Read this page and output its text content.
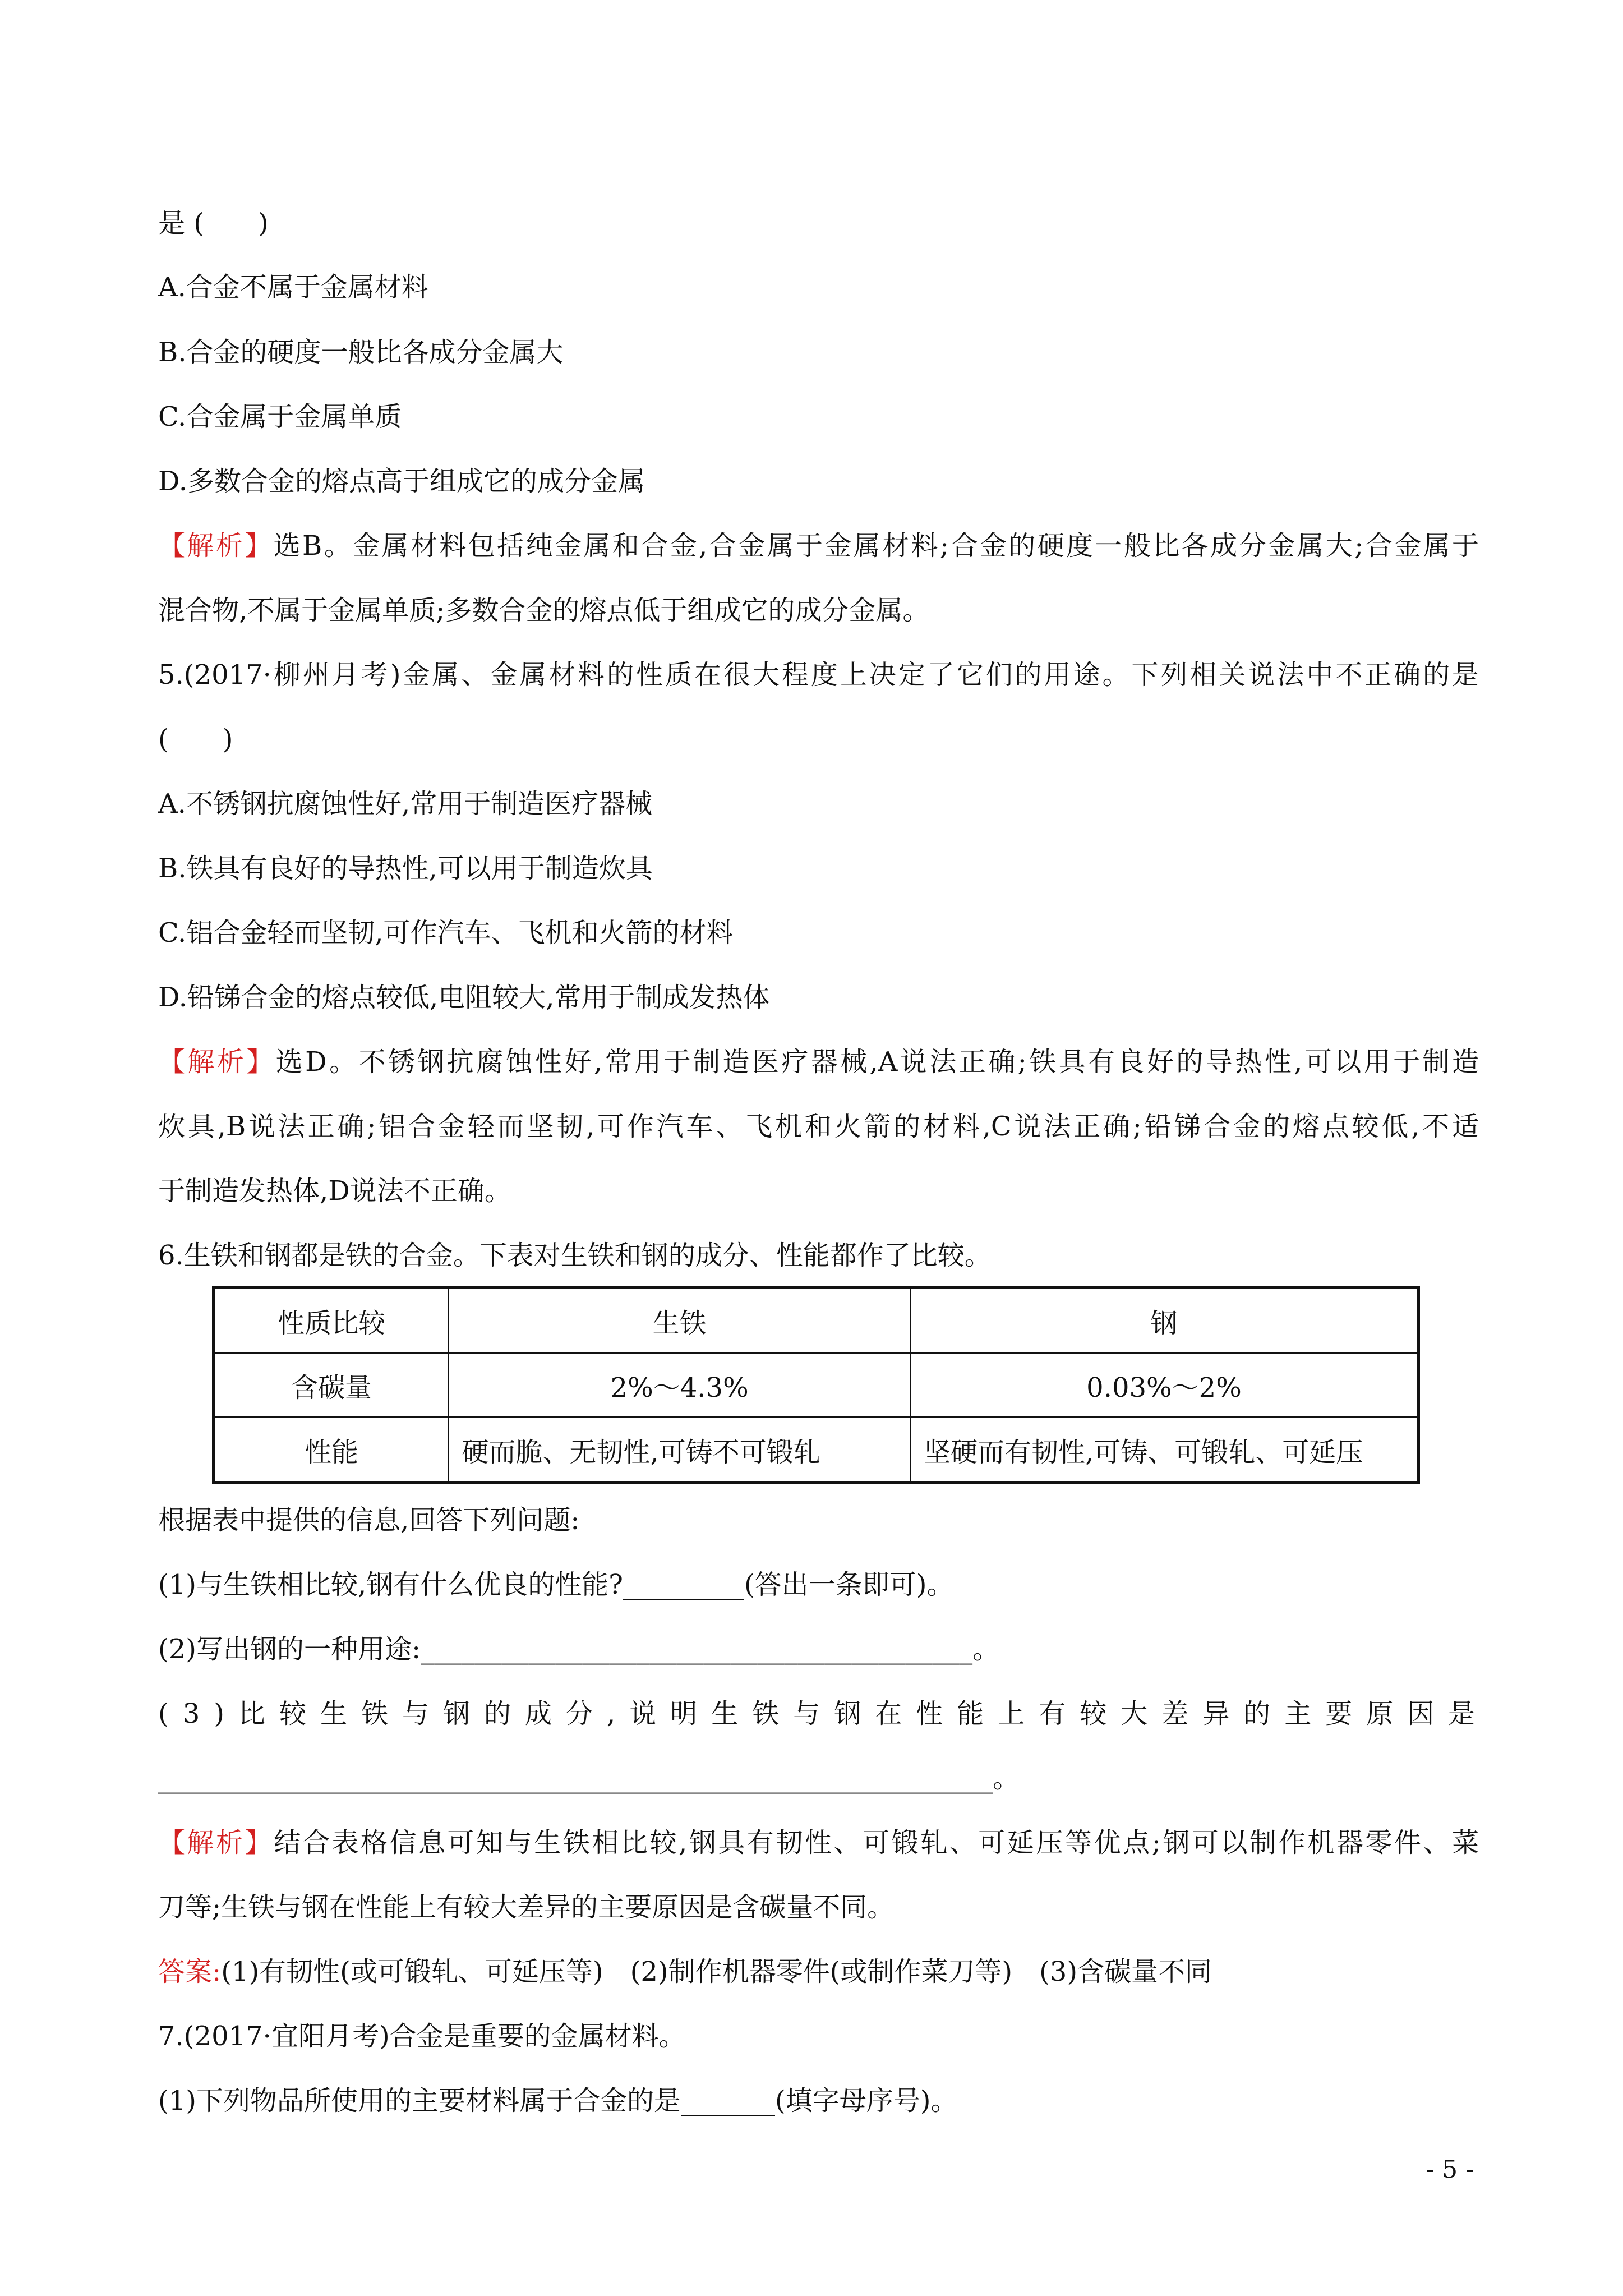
是 (　　)
A.合金不属于金属材料
B.合金的硬度一般比各成分金属大
C.合金属于金属单质
D.多数合金的熔点高于组成它的成分金属
【解析】选B。金属材料包括纯金属和合金,合金属于金属材料;合金的硬度一般比各成分金属大;合金属于
混合物,不属于金属单质;多数合金的熔点低于组成它的成分金属。
5.(2017·柳州月考)金属、金属材料的性质在很大程度上决定了它们的用途。下列相关说法中不正确的是
(　　)
A.不锈钢抗腐蚀性好,常用于制造医疗器械
B.铁具有良好的导热性,可以用于制造炊具
C.铝合金轻而坚韧,可作汽车、飞机和火箭的材料
D.铅锑合金的熔点较低,电阻较大,常用于制成发热体
【解析】选D。不锈钢抗腐蚀性好,常用于制造医疗器械,A说法正确;铁具有良好的导热性,可以用于制造
炊具,B说法正确;铝合金轻而坚韧,可作汽车、飞机和火箭的材料,C说法正确;铅锑合金的熔点较低,不适
于制造发热体,D说法不正确。
6.生铁和钢都是铁的合金。下表对生铁和钢的成分、性能都作了比较。
性质比较	生铁	钢
含碳量	2%～4.3%	0.03%～2%
性能	硬而脆、无韧性,可铸不可锻轧	坚硬而有韧性,可铸、可锻轧、可延压
根据表中提供的信息,回答下列问题:
(1)与生铁相比较,钢有什么优良的性能?_________(答出一条即可)。
(2)写出钢的一种用途:_________________________________________。
(3)比较生铁与钢的成分,说明生铁与钢在性能上有较大差异的主要原因是
______________________________________________________________。
【解析】结合表格信息可知与生铁相比较,钢具有韧性、可锻轧、可延压等优点;钢可以制作机器零件、菜
刀等;生铁与钢在性能上有较大差异的主要原因是含碳量不同。
答案:(1)有韧性(或可锻轧、可延压等)　(2)制作机器零件(或制作菜刀等)　(3)含碳量不同
7.(2017·宜阳月考)合金是重要的金属材料。
(1)下列物品所使用的主要材料属于合金的是_______(填字母序号)。
- 5 -
